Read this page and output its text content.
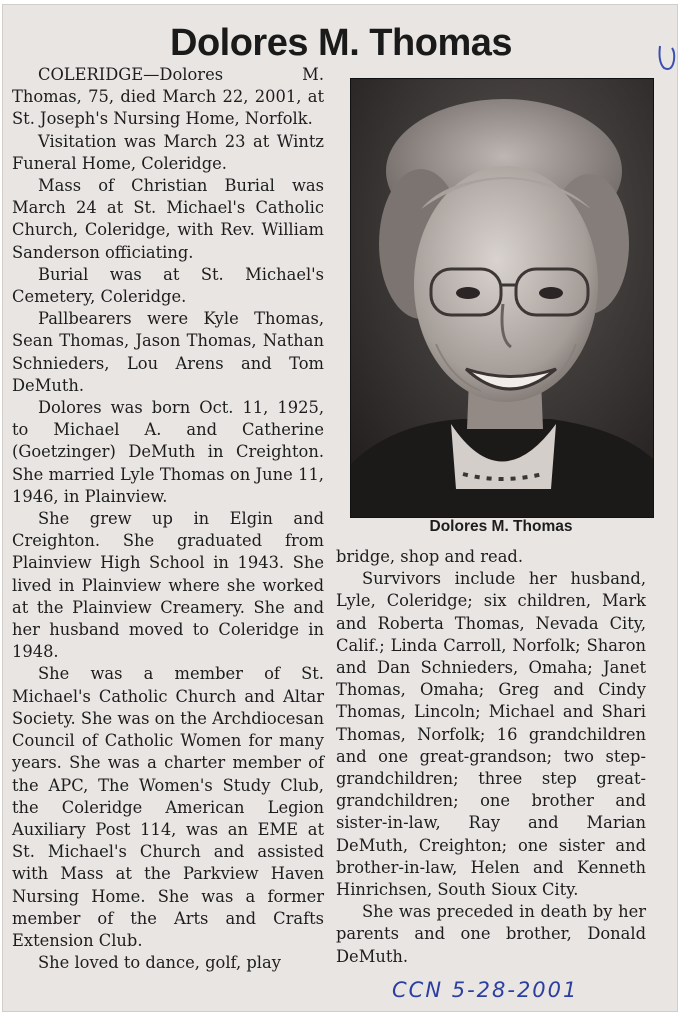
Dolores M. Thomas

COLERIDGE—Dolores M. Thomas, 75, died March 22, 2001, at St. Joseph's Nursing Home, Norfolk.

Visitation was March 23 at Wintz Funeral Home, Coleridge.

Mass of Christian Burial was March 24 at St. Michael's Catholic Church, Coleridge, with Rev. William Sanderson officiating.

Burial was at St. Michael's Cemetery, Coleridge.

Pallbearers were Kyle Thomas, Sean Thomas, Jason Thomas, Nathan Schnieders, Lou Arens and Tom DeMuth.

Dolores was born Oct. 11, 1925, to Michael A. and Catherine (Goetzinger) DeMuth in Creighton. She married Lyle Thomas on June 11, 1946, in Plainview.

She grew up in Elgin and Creighton. She graduated from Plainview High School in 1943. She lived in Plainview where she worked at the Plainview Creamery. She and her husband moved to Coleridge in 1948.

She was a member of St. Michael's Catholic Church and Altar Society. She was on the Archdiocesan Council of Catholic Women for many years. She was a charter member of the APC, The Women's Study Club, the Coleridge American Legion Auxiliary Post 114, was an EME at St. Michael's Church and assisted with Mass at the Parkview Haven Nursing Home. She was a former member of the Arts and Crafts Extension Club.

She loved to dance, golf, play

Dolores M. Thomas

bridge, shop and read.

Survivors include her husband, Lyle, Coleridge; six children, Mark and Roberta Thomas, Nevada City, Calif.; Linda Carroll, Norfolk; Sharon and Dan Schnieders, Omaha; Janet Thomas, Omaha; Greg and Cindy Thomas, Lincoln; Michael and Shari Thomas, Norfolk; 16 grandchildren and one great-grandson; two step-grandchildren; three step great-grandchildren; one brother and sister-in-law, Ray and Marian DeMuth, Creighton; one sister and brother-in-law, Helen and Kenneth Hinrichsen, South Sioux City.

She was preceded in death by her parents and one brother, Donald DeMuth.

CCN 5-28-2001
